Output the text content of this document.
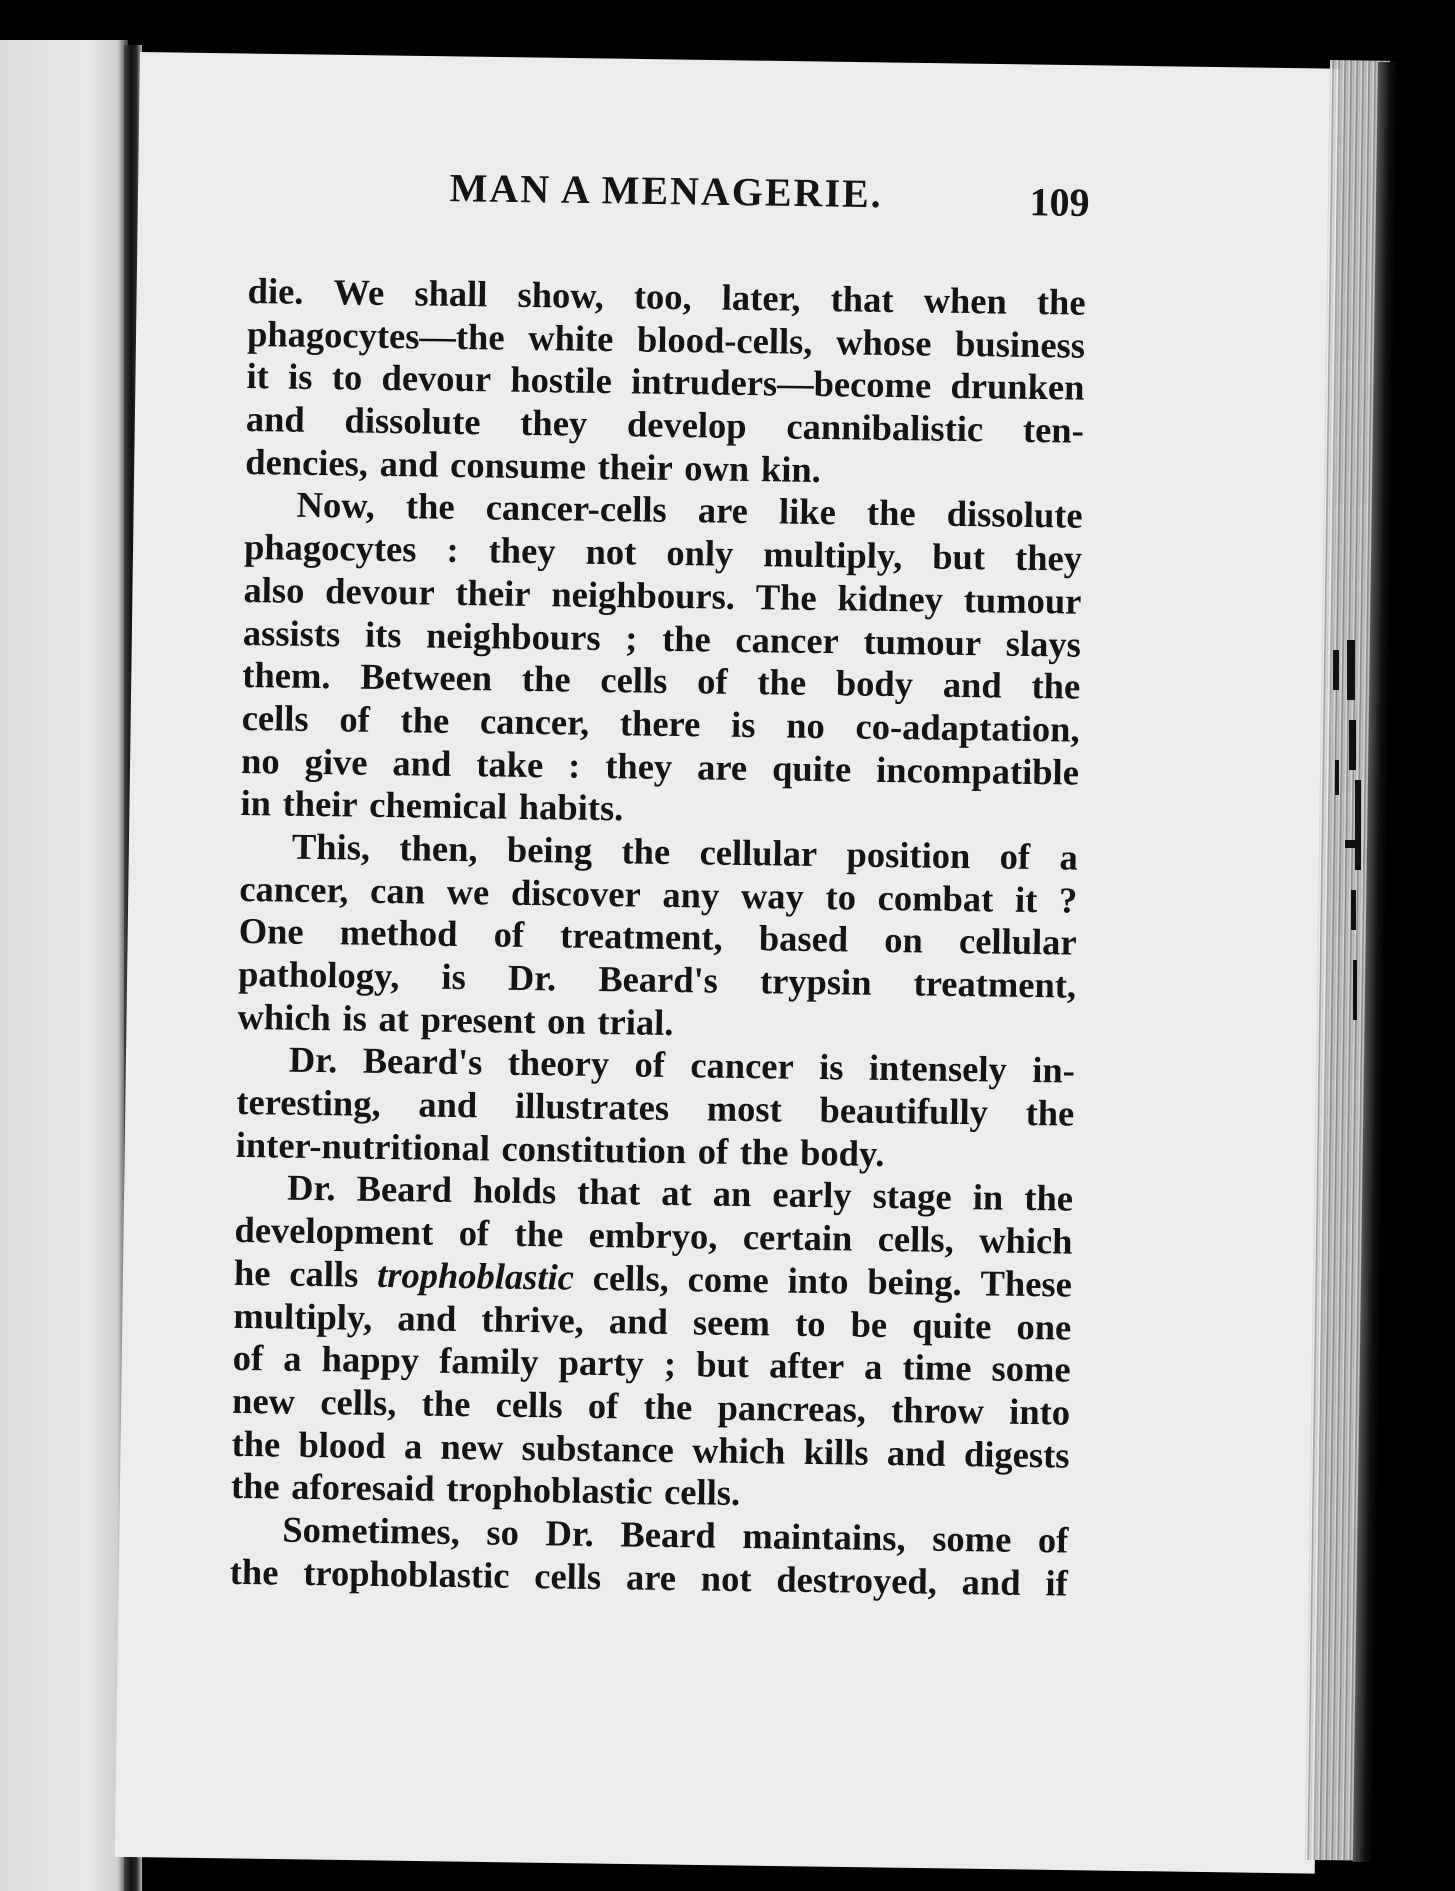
MAN A MENAGERIE.	109
die. We shall show, too, later, that when the
phagocytes—the white blood-cells, whose business
it is to devour hostile intruders—become drunken
and dissolute they develop cannibalistic ten-
dencies, and consume their own kin.
Now, the cancer-cells are like the dissolute
phagocytes : they not only multiply, but they
also devour their neighbours. The kidney tumour
assists its neighbours ; the cancer tumour slays
them. Between the cells of the body and the
cells of the cancer, there is no co-adaptation,
no give and take : they are quite incompatible
in their chemical habits.
This, then, being the cellular position of a
cancer, can we discover any way to combat it ?
One method of treatment, based on cellular
pathology, is Dr. Beard's trypsin treatment,
which is at present on trial.
Dr. Beard's theory of cancer is intensely in-
teresting, and illustrates most beautifully the
inter-nutritional constitution of the body.
Dr. Beard holds that at an early stage in the
development of the embryo, certain cells, which
he calls trophoblastic cells, come into being. These
multiply, and thrive, and seem to be quite one
of a happy family party ; but after a time some
new cells, the cells of the pancreas, throw into
the blood a new substance which kills and digests
the aforesaid trophoblastic cells.
Sometimes, so Dr. Beard maintains, some of
the trophoblastic cells are not destroyed, and if
